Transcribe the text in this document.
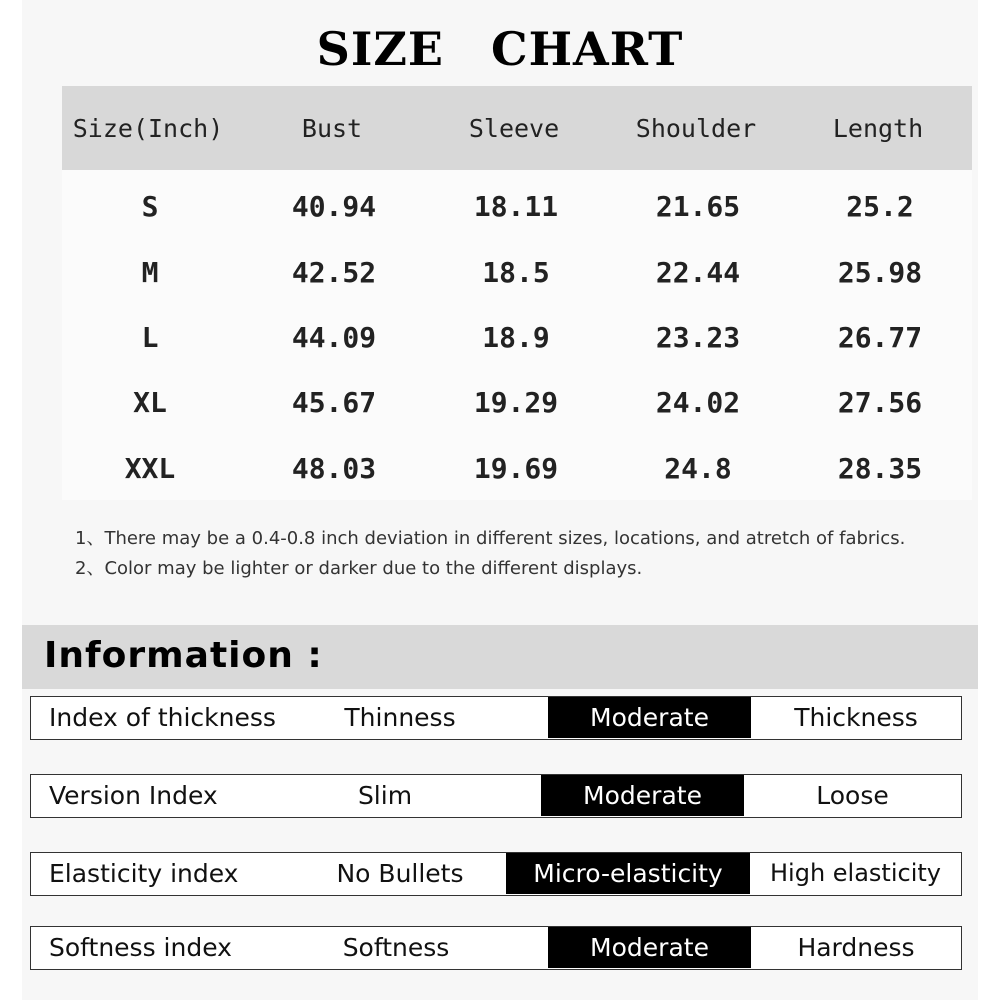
SIZE CHART
Size(Inch)	Bust	Sleeve	Shoulder	Length
S	40.94	18.11	21.65	25.2
M	42.52	18.5	22.44	25.98
L	44.09	18.9	23.23	26.77
XL	45.67	19.29	24.02	27.56
XXL	48.03	19.69	24.8	28.35
1、There may be a 0.4-0.8 inch deviation in different sizes, locations, and atretch of fabrics.
2、Color may be lighter or darker due to the different displays.
Information :
Index of thickness	Thinness	Moderate	Thickness
Version Index	Slim	Moderate	Loose
Elasticity index	No Bullets	Micro-elasticity	High elasticity
Softness index	Softness	Moderate	Hardness
